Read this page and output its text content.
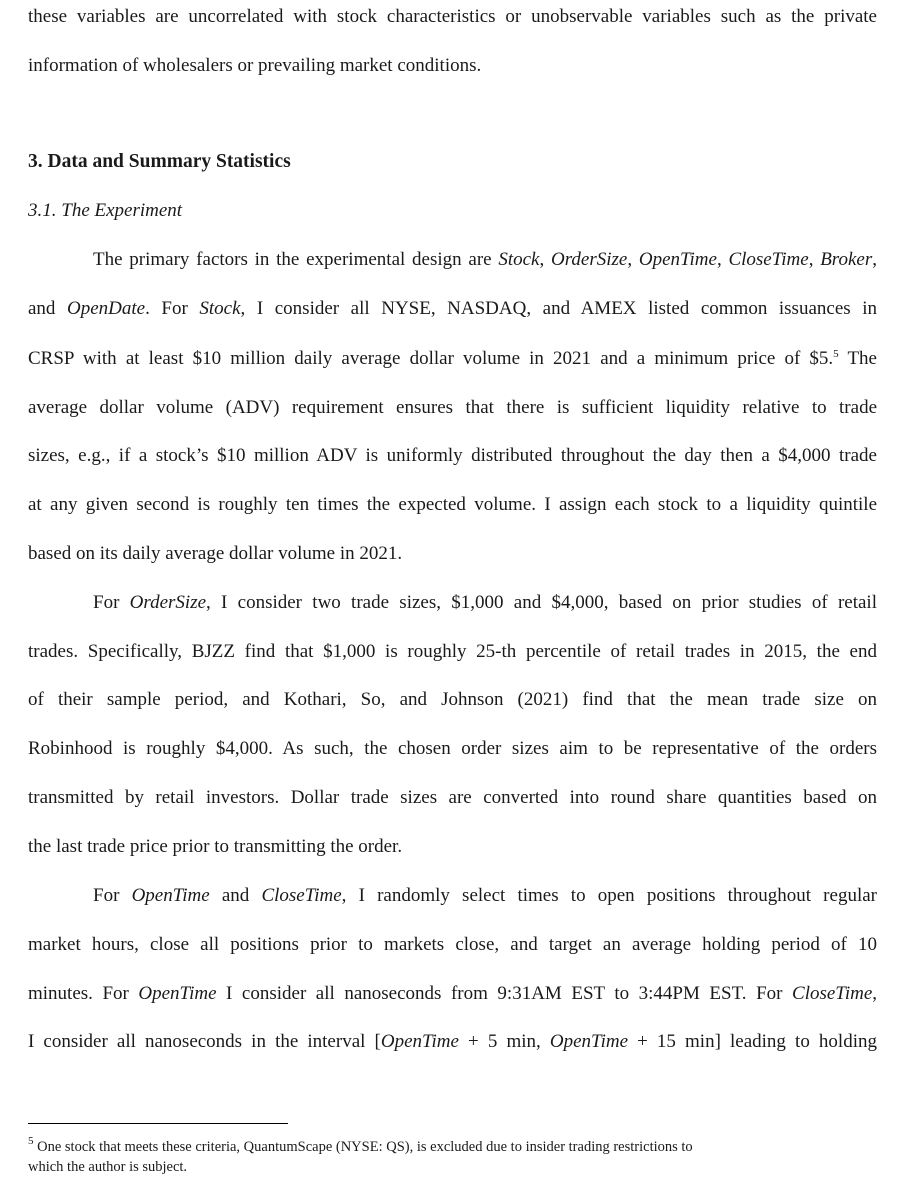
these variables are uncorrelated with stock characteristics or unobservable variables such as the private
information of wholesalers or prevailing market conditions.
3. Data and Summary Statistics
3.1. The Experiment
The primary factors in the experimental design are Stock, OrderSize, OpenTime, CloseTime, Broker,
and OpenDate. For Stock, I consider all NYSE, NASDAQ, and AMEX listed common issuances in
CRSP with at least $10 million daily average dollar volume in 2021 and a minimum price of $5.$^5$ The
average dollar volume (ADV) requirement ensures that there is sufficient liquidity relative to trade
sizes, e.g., if a stock’s $10 million ADV is uniformly distributed throughout the day then a $4,000 trade
at any given second is roughly ten times the expected volume. I assign each stock to a liquidity quintile
based on its daily average dollar volume in 2021.
For OrderSize, I consider two trade sizes, $1,000 and $4,000, based on prior studies of retail
trades. Specifically, BJZZ find that $1,000 is roughly 25-th percentile of retail trades in 2015, the end
of their sample period, and Kothari, So, and Johnson (2021) find that the mean trade size on
Robinhood is roughly $4,000. As such, the chosen order sizes aim to be representative of the orders
transmitted by retail investors. Dollar trade sizes are converted into round share quantities based on
the last trade price prior to transmitting the order.
For OpenTime and CloseTime, I randomly select times to open positions throughout regular
market hours, close all positions prior to markets close, and target an average holding period of 10
minutes. For OpenTime I consider all nanoseconds from 9:31AM EST to 3:44PM EST. For CloseTime,
I consider all nanoseconds in the interval [OpenTime + 5 min, OpenTime + 15 min] leading to holding
$^5$ One stock that meets these criteria, QuantumScape (NYSE: QS), is excluded due to insider trading restrictions to
which the author is subject.
